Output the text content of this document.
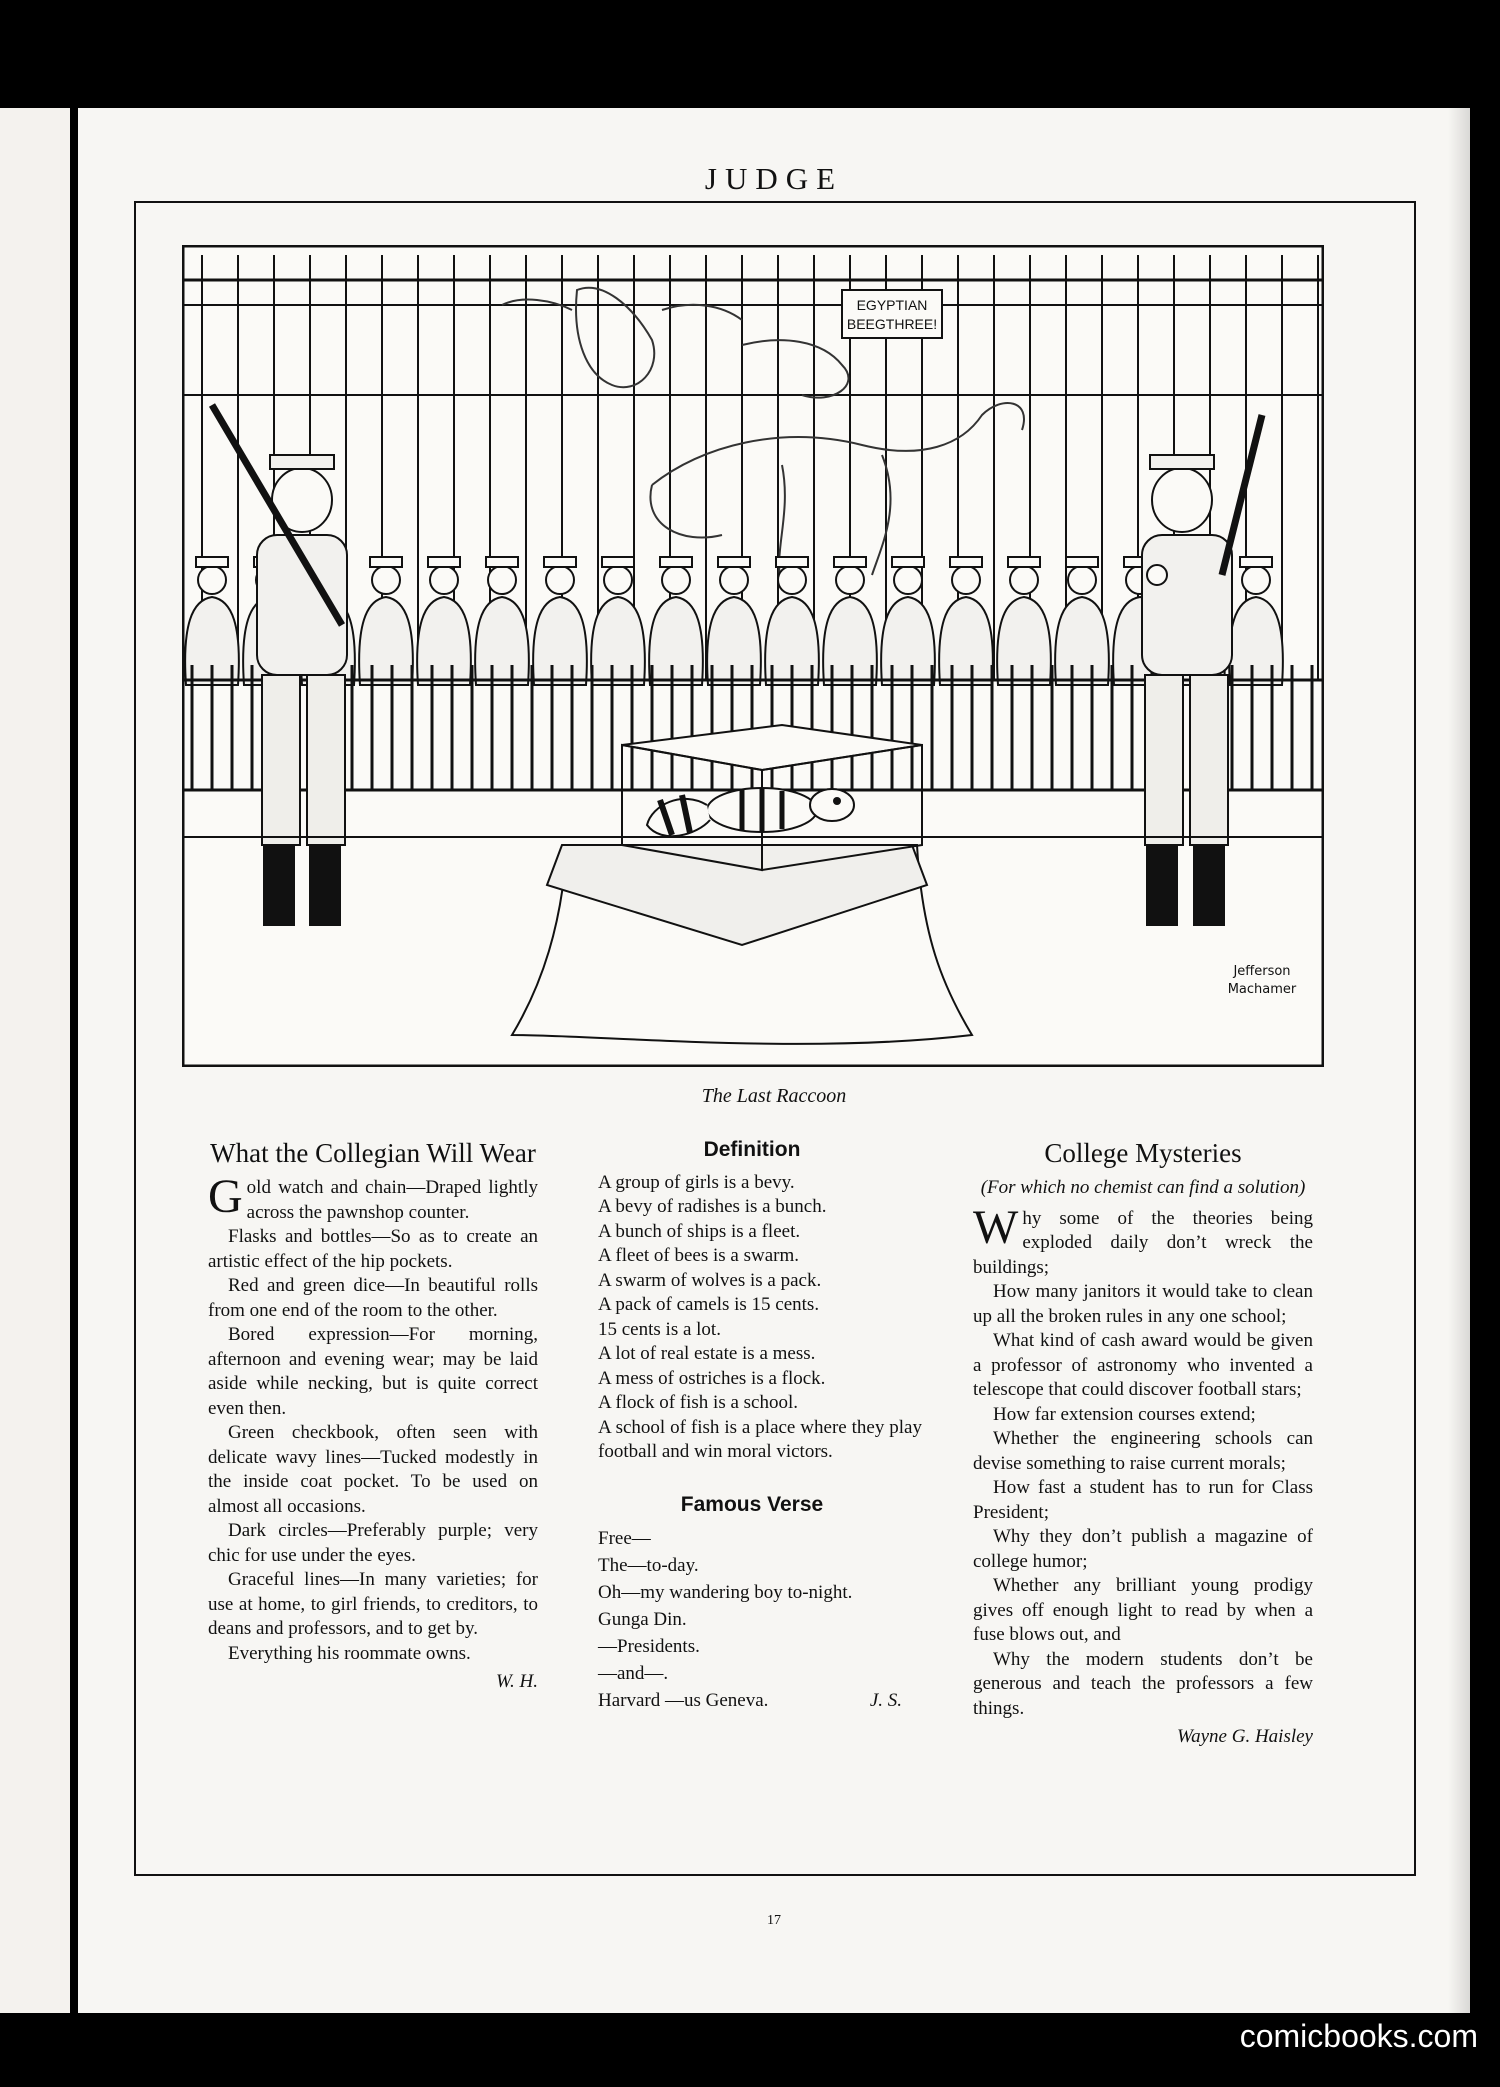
JUDGE
EGYPTIAN
BEEGTHREE!
Jefferson
Machamer
The Last Raccoon
What the Collegian Will Wear

Gold watch and chain—Draped lightly across the pawnshop counter.

Flasks and bottles—So as to create an artistic effect of the hip pockets.

Red and green dice—In beautiful rolls from one end of the room to the other.

Bored expression—For morning, afternoon and evening wear; may be laid aside while necking, but is quite correct even then.

Green checkbook, often seen with delicate wavy lines—Tucked modestly in the inside coat pocket. To be used on almost all occasions.

Dark circles—Preferably purple; very chic for use under the eyes.

Graceful lines—In many varieties; for use at home, to girl friends, to creditors, to deans and professors, and to get by.

Everything his roommate owns.

W. H.
Definition

A group of girls is a bevy.

A bevy of radishes is a bunch.

A bunch of ships is a fleet.

A fleet of bees is a swarm.

A swarm of wolves is a pack.

A pack of camels is 15 cents.

15 cents is a lot.

A lot of real estate is a mess.

A mess of ostriches is a flock.

A flock of fish is a school.

A school of fish is a place where they play football and win moral victors.

Famous Verse

Free—

The—to-day.

Oh—my wandering boy to-night.

Gunga Din.

—Presidents.

—and—.

Harvard —us Geneva.	J. S.

College Mysteries
(For which no chemist can find a solution)

Why some of the theories being exploded daily don’t wreck the buildings;

How many janitors it would take to clean up all the broken rules in any one school;

What kind of cash award would be given a professor of astronomy who invented a telescope that could discover football stars;

How far extension courses extend;

Whether the engineering schools can devise something to raise current morals;

How fast a student has to run for Class President;

Why they don’t publish a magazine of college humor;

Whether any brilliant young prodigy gives off enough light to read by when a fuse blows out, and

Why the modern students don’t be generous and teach the professors a few things.

Wayne G. Haisley
17
comicbooks.com
